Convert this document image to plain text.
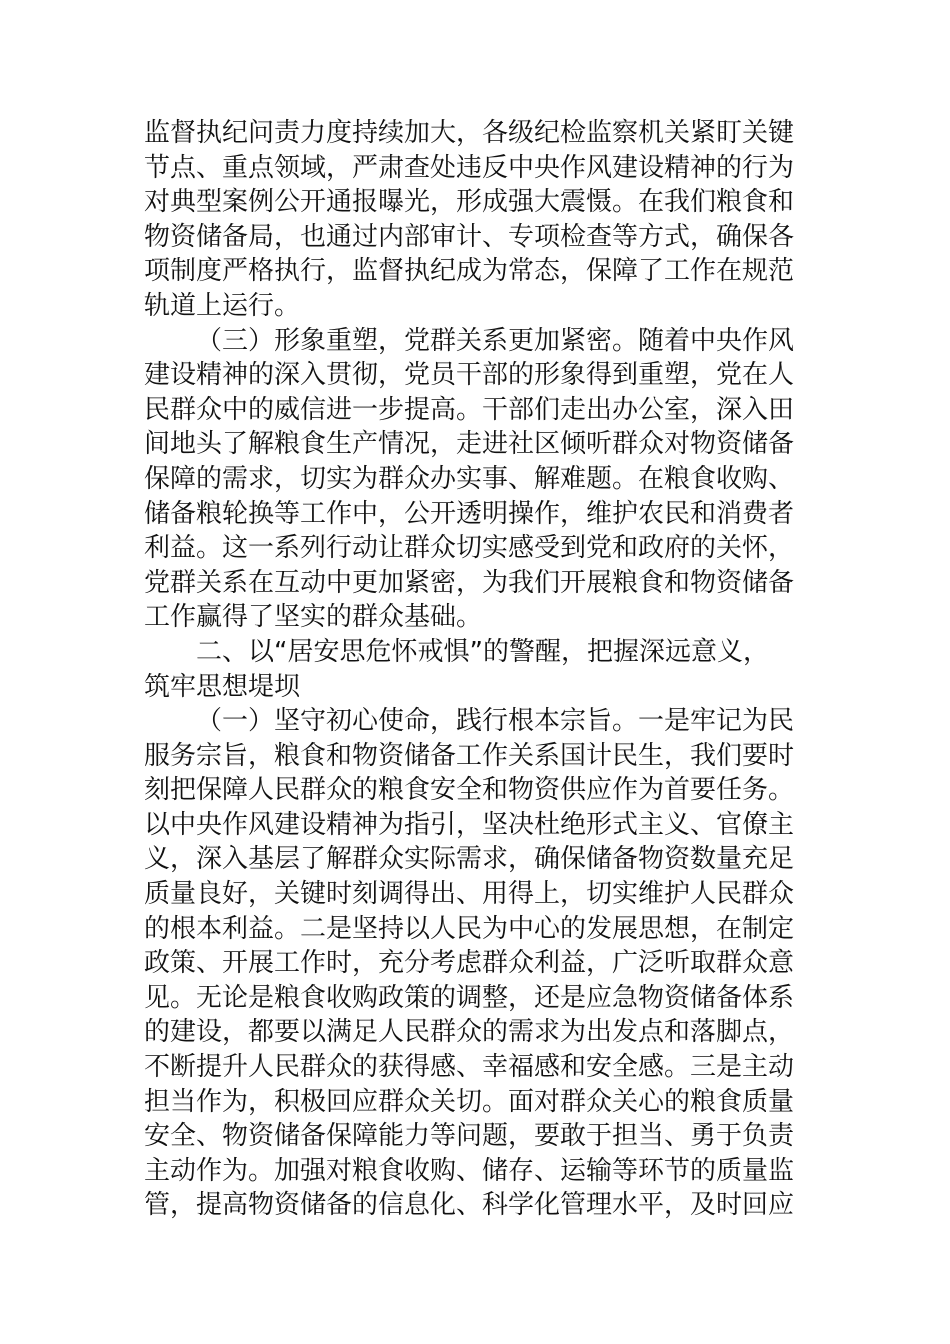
监督执纪问责力度持续加大，各级纪检监察机关紧盯关键
节点、重点领域，严肃查处违反中央作风建设精神的行为
对典型案例公开通报曝光，形成强大震慑。在我们粮食和
物资储备局，也通过内部审计、专项检查等方式，确保各
项制度严格执行，监督执纪成为常态，保障了工作在规范
轨道上运行。
（三）形象重塑，党群关系更加紧密。随着中央作风
建设精神的深入贯彻，党员干部的形象得到重塑，党在人
民群众中的威信进一步提高。干部们走出办公室，深入田
间地头了解粮食生产情况，走进社区倾听群众对物资储备
保障的需求，切实为群众办实事、解难题。在粮食收购、
储备粮轮换等工作中，公开透明操作，维护农民和消费者
利益。这一系列行动让群众切实感受到党和政府的关怀，
党群关系在互动中更加紧密，为我们开展粮食和物资储备
工作赢得了坚实的群众基础。
二、以“居安思危怀戒惧”的警醒，把握深远意义，
筑牢思想堤坝
（一）坚守初心使命，践行根本宗旨。一是牢记为民
服务宗旨，粮食和物资储备工作关系国计民生，我们要时
刻把保障人民群众的粮食安全和物资供应作为首要任务。
以中央作风建设精神为指引，坚决杜绝形式主义、官僚主
义，深入基层了解群众实际需求，确保储备物资数量充足
质量良好，关键时刻调得出、用得上，切实维护人民群众
的根本利益。二是坚持以人民为中心的发展思想，在制定
政策、开展工作时，充分考虑群众利益，广泛听取群众意
见。无论是粮食收购政策的调整，还是应急物资储备体系
的建设，都要以满足人民群众的需求为出发点和落脚点，
不断提升人民群众的获得感、幸福感和安全感。三是主动
担当作为，积极回应群众关切。面对群众关心的粮食质量
安全、物资储备保障能力等问题，要敢于担当、勇于负责
主动作为。加强对粮食收购、储存、运输等环节的质量监
管，提高物资储备的信息化、科学化管理水平，及时回应
